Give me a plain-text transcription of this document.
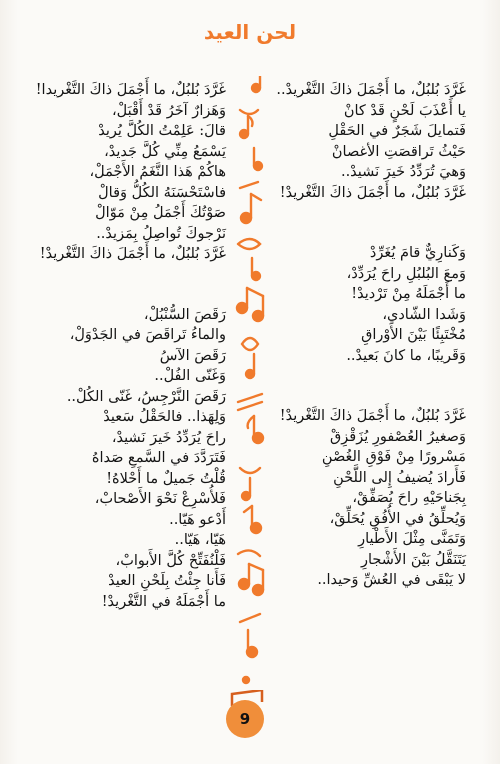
لحن العيد

غَرَّدَ بُلبُلٌ، ما أَجْمَلَ ذاكَ التَّغْريدْ..

يا أَعْذَبَ لَحْنٍ قَدْ كانْ

فَتمايلَ شَجَرٌ في الحَقْلِ

حَيْثُ تَراقصَتِ الأغصانْ

وَهيَ تُرَدِّدُ خَيرَ نَشيدْ..

غَرَّدَ بُلبُلٌ، ما أَجْمَلَ ذاكَ التَّغْريدْ!

وَكَنارِيٌّ قامَ يُغَرِّدْ

وَمعَ البُلبُلِ راحَ يُرَدِّدْ،

ما أَجْمَلَهُ مِنْ تَرْديدْ!

وَشَدا الشّادي،

مُخْتَبِئًا بَيْنَ الأَوْراقِ

وَقَريبًا، ما كانَ بَعيدْ..

غَرَّدَ بُلبُلٌ، ما أَجْمَلَ ذاكَ التَّغْريدْ!

وَصغيرُ العُصْفورِ يُزَقْزِقْ

مَسْرورًا مِنْ فَوْقِ الغُصْنِ

فَأَرادَ يُضيفُ إِلى اللَّحْنِ

بِجَناحَيْهِ راحَ يُصَفِّقْ،

وَيُحلِّقُ في الأُفُقِ يُحَلِّقْ،

وَتَمَنَّى مِثْلَ الأَطْيارِ

يَتَنَقَّلُ بَيْنَ الأَشْجارِ

لا يَبْقَى في العُشِّ وَحيدا..

غَرَّدَ بُلبُلٌ، ما أَجْمَلَ ذاكَ التَّغْريدا!

وَهَزارٌ آخَرُ قَدْ أَقْبَلْ،

قالَ: عَلِمْتُ الكُلَّ يُريدْ

يَسْمَعُ مِنِّي كُلَّ جَديدْ،

هاكُمْ هَذا النَّغَمُ الأَجْمَلْ،

فاسْتَحْسَنَهُ الكُلُّ وَقالْ

صَوْتُكَ أَجْمَلُ مِنْ مَوّالْ

نَرْجوكَ تُواصِلُ بِمَزيدْ..

غَرَّدَ بُلبُلٌ، ما أَجْمَلَ ذاكَ التَّغْريدْ!

رَقَصَ السُّنْبُلْ،

والماءُ تَراقَصَ في الجَدْوَلْ،

رَقَصَ الآسُ

وَغَنّى الفُلْ..

رَقَصَ النَّرْجِسُ، غَنّى الكُلْ..

وَلِهَذا.. فالحَقْلُ سَعيدْ

راحَ يُرَدِّدُ خَيرَ نَشيدْ،

فَتَرَدَّدَ في السَّمعِ صَداهُ

قُلْتُ جَميلٌ ما أَحْلاهُ!

فَلأُسْرِعْ نَحْوَ الأَصْحابْ،

أَدْعو هَيّا..

هَيّا، هَيّا..

فَلْنُفَتِّحْ كُلَّ الأَبوابْ،

فَأَنا جِئْتُ بِلَحْنِ العيدْ

ما أَجْمَلَهُ في التَّغْريدْ!

9
